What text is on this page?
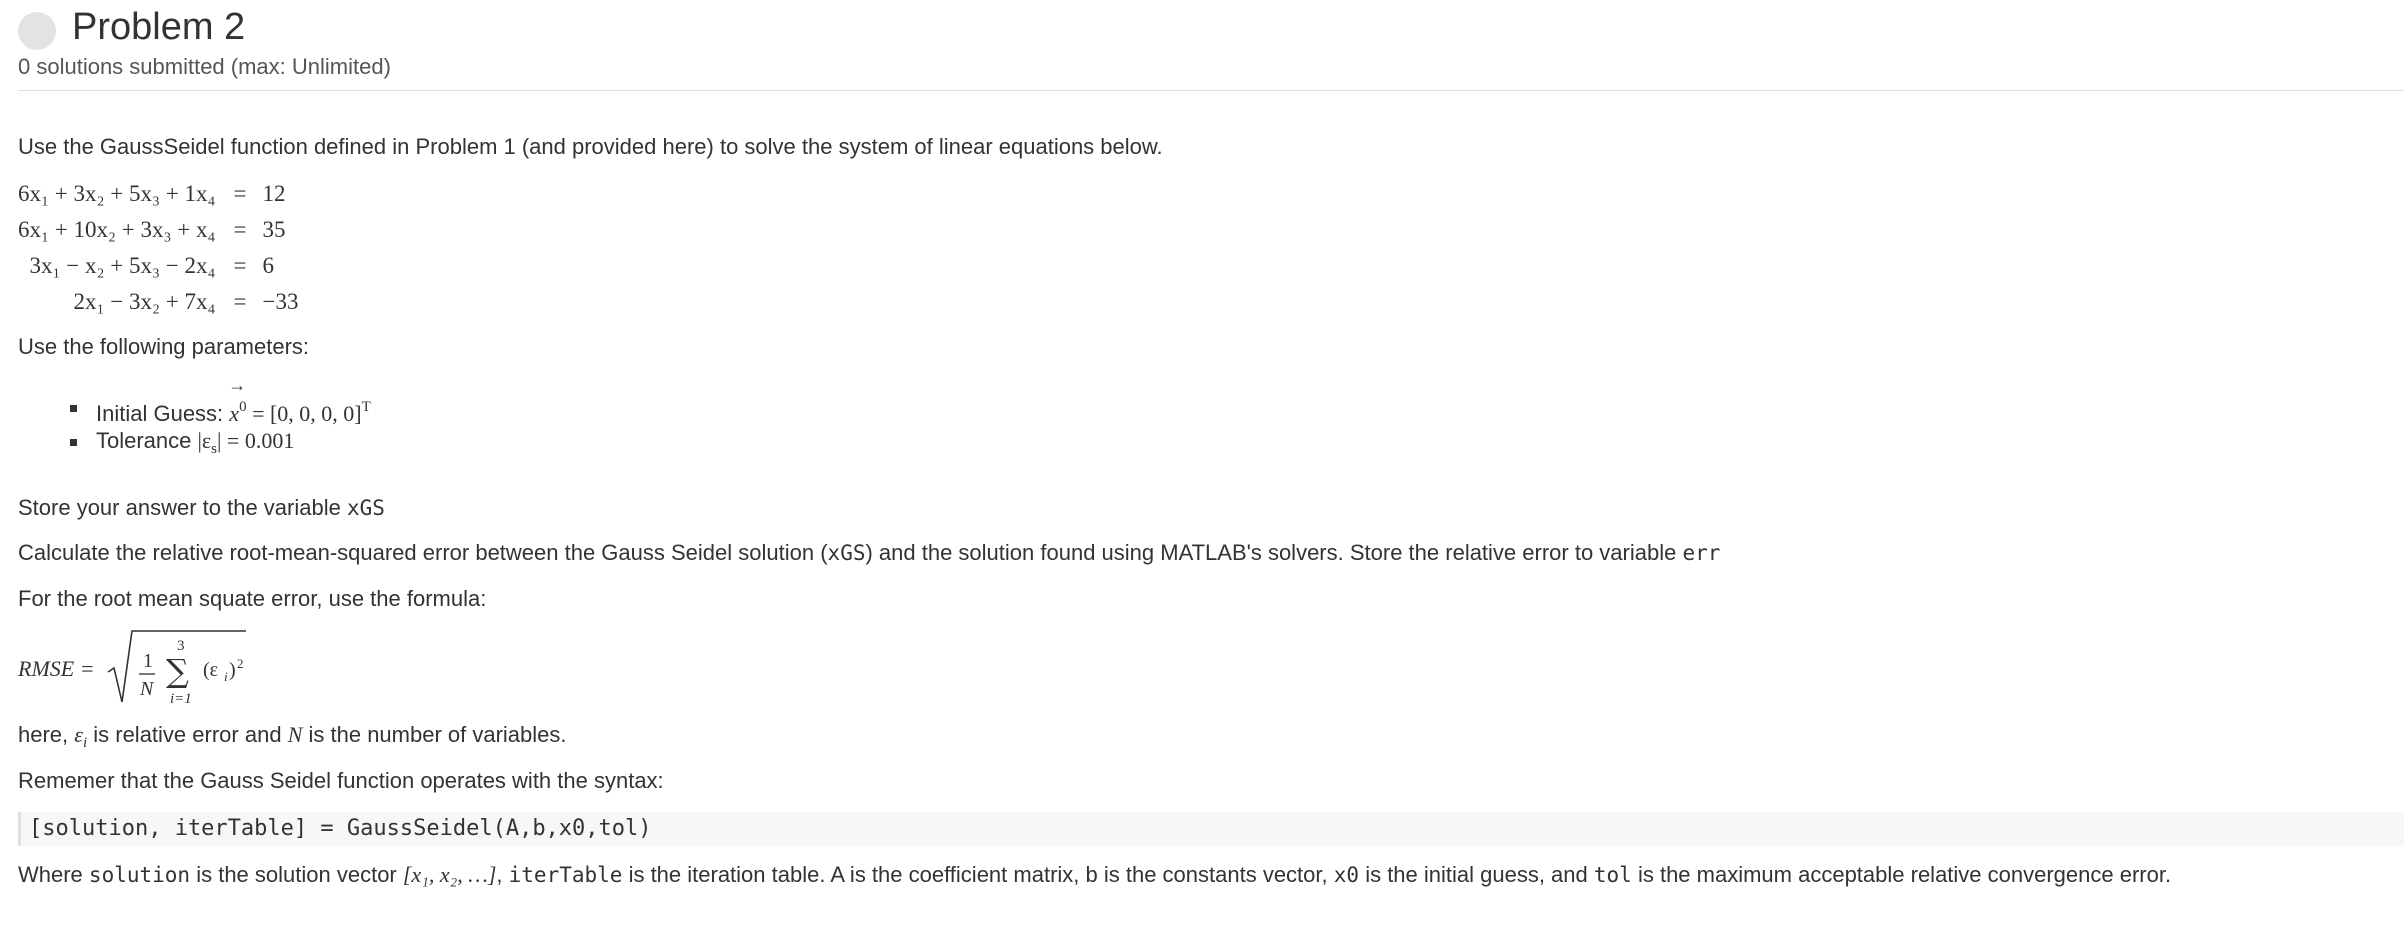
Problem 2
0 solutions submitted (max: Unlimited)
Use the GaussSeidel function defined in Problem 1 (and provided here) to solve the system of linear equations below.
6x₁ + 3x₂ + 5x₃ + 1x₄	=	12
6x₁ + 10x₂ + 3x₃ + x₄	=	35
3x₁ − x₂ + 5x₃ − 2x₄	=	6
2x₁ − 3x₂ + 7x₄	=	−33
Use the following parameters:
Initial Guess:
→
$x^0 = [0$, 0, 0, 0]$^T$
Tolerance $|\varepsilon_s| = 0.001$
Store your answer to the variable xGS
Calculate the relative root-mean-squared error between the Gauss Seidel solution (xGS) and the solution found using MATLAB's solvers. Store the relative error to variable err
For the root mean squate error, use the formula:
RMSE = 1
N
3
∑
i=1
(ε i ) 2
here, $\varepsilon_i$ is relative error and N is the number of variables.
Rememer that the Gauss Seidel function operates with the syntax:
[solution, iterTable] = GaussSeidel(A,b,x0,tol)
Where solution is the solution vector [x₁, x₂, …], iterTable is the iteration table. A is the coefficient matrix, b is the constants vector, x0 is the initial guess, and tol is the maximum acceptable relative convergence error.
